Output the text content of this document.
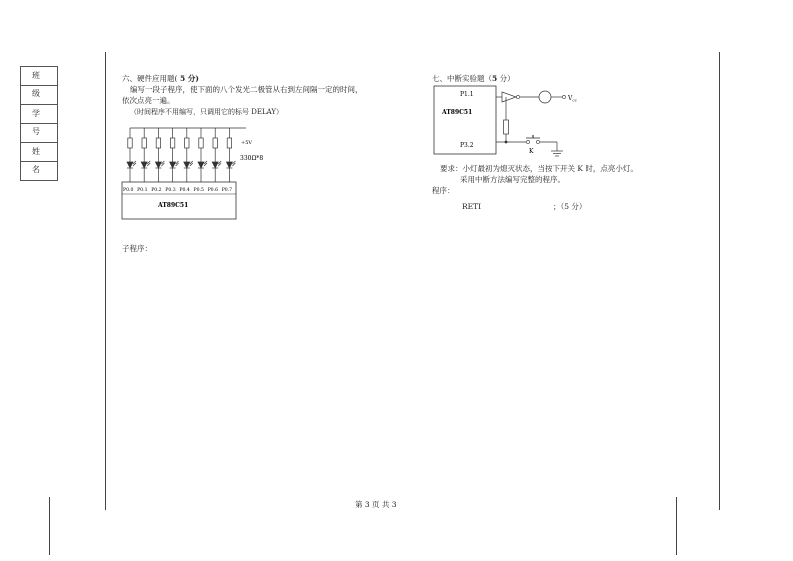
班　级
学　号
姓　名
六、硬件应用题( 5 分)
编写一段子程序，使下面的八个发光二极管从右到左间隔一定的时间，
依次点亮一遍。
（时间程序不用编写，只调用它的标号 DELAY）
+5V
330Ω*8
P0.0 P0.1 P0.2 P0.3 P0.4 P0.5 P0.6 P0.7
AT89C51
子程序：
七、中断实验题（5 分）
P1.1
AT89C51
P3.2
$V_{cc}$
K
要求：小灯最初为熄灭状态，当按下开关 K 时，点亮小灯。
采用中断方法编写完整的程序。
程序：
RETI	；（5 分）
第 3 页 共 3
